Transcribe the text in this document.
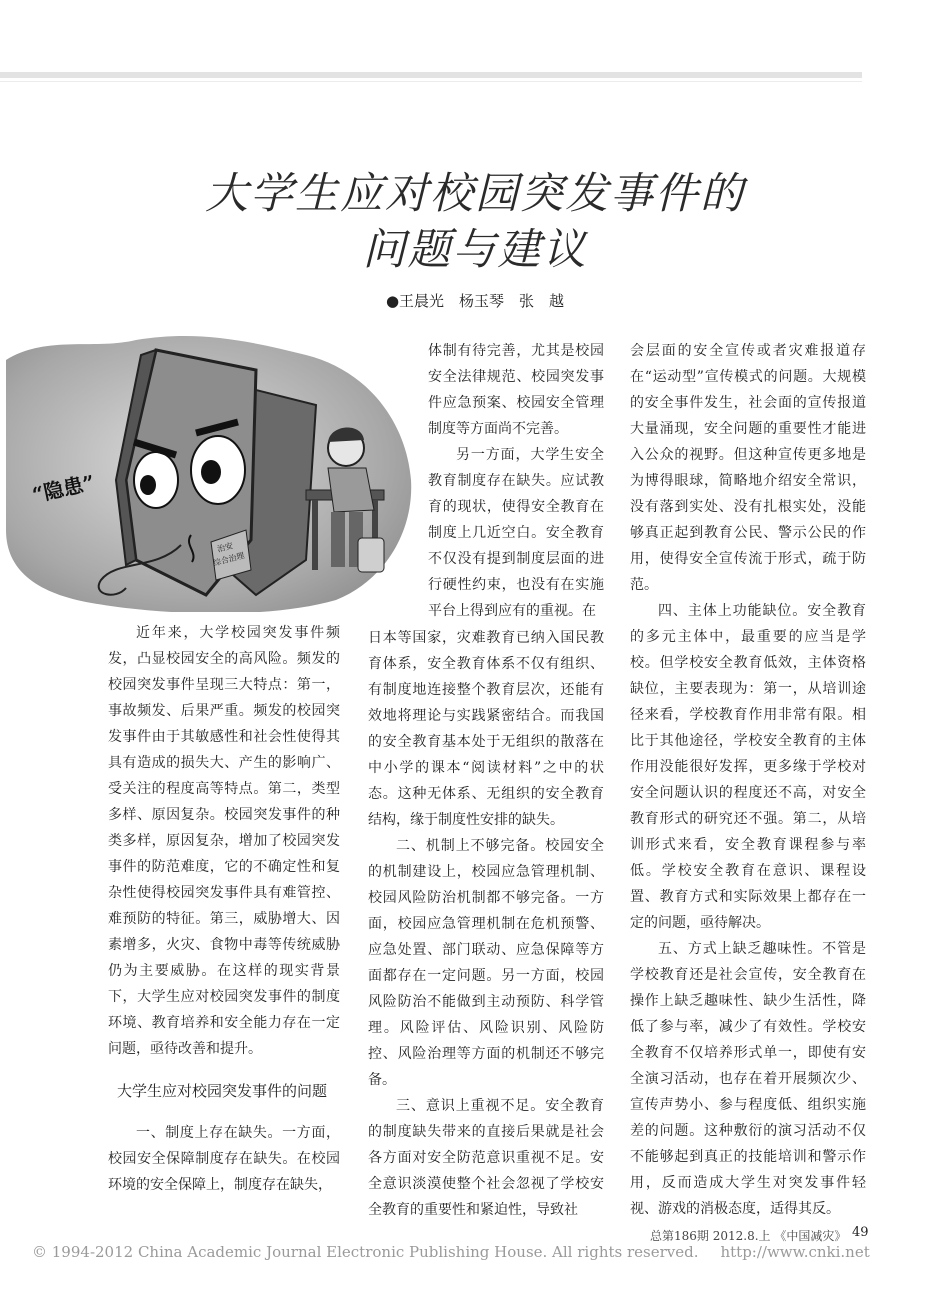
大学生应对校园突发事件的
问题与建议
●王晨光　杨玉琴　张　越
治安
综合治理
“隐患”

体制有待完善，尤其是校园安全法律规范、校园突发事件应急预案、校园安全管理制度等方面尚不完善。

另一方面，大学生安全教育制度存在缺失。应试教育的现状，使得安全教育在制度上几近空白。安全教育不仅没有提到制度层面的进行硬性约束，也没有在实施平台上得到应有的重视。在

近年来，大学校园突发事件频发，凸显校园安全的高风险。频发的校园突发事件呈现三大特点：第一，事故频发、后果严重。频发的校园突发事件由于其敏感性和社会性使得其具有造成的损失大、产生的影响广、受关注的程度高等特点。第二，类型多样、原因复杂。校园突发事件的种类多样，原因复杂，增加了校园突发事件的防范难度，它的不确定性和复杂性使得校园突发事件具有难管控、难预防的特征。第三，威胁增大、因素增多，火灾、食物中毒等传统威胁仍为主要威胁。在这样的现实背景下，大学生应对校园突发事件的制度环境、教育培养和安全能力存在一定问题，亟待改善和提升。

大学生应对校园突发事件的问题

一、制度上存在缺失。一方面，校园安全保障制度存在缺失。在校园环境的安全保障上，制度存在缺失，

日本等国家，灾难教育已纳入国民教育体系，安全教育体系不仅有组织、有制度地连接整个教育层次，还能有效地将理论与实践紧密结合。而我国的安全教育基本处于无组织的散落在中小学的课本“阅读材料”之中的状态。这种无体系、无组织的安全教育结构，缘于制度性安排的缺失。

二、机制上不够完备。校园安全的机制建设上，校园应急管理机制、校园风险防治机制都不够完备。一方面，校园应急管理机制在危机预警、应急处置、部门联动、应急保障等方面都存在一定问题。另一方面，校园风险防治不能做到主动预防、科学管理。风险评估、风险识别、风险防控、风险治理等方面的机制还不够完备。

三、意识上重视不足。安全教育的制度缺失带来的直接后果就是社会各方面对安全防范意识重视不足。安全意识淡漠使整个社会忽视了学校安全教育的重要性和紧迫性，导致社

会层面的安全宣传或者灾难报道存在“运动型”宣传模式的问题。大规模的安全事件发生，社会面的宣传报道大量涌现，安全问题的重要性才能进入公众的视野。但这种宣传更多地是为博得眼球，简略地介绍安全常识，没有落到实处、没有扎根实处，没能够真正起到教育公民、警示公民的作用，使得安全宣传流于形式，疏于防范。

四、主体上功能缺位。安全教育的多元主体中，最重要的应当是学校。但学校安全教育低效，主体资格缺位，主要表现为：第一，从培训途径来看，学校教育作用非常有限。相比于其他途径，学校安全教育的主体作用没能很好发挥，更多缘于学校对安全问题认识的程度还不高，对安全教育形式的研究还不强。第二，从培训形式来看，安全教育课程参与率低。学校安全教育在意识、课程设置、教育方式和实际效果上都存在一定的问题，亟待解决。

五、方式上缺乏趣味性。不管是学校教育还是社会宣传，安全教育在操作上缺乏趣味性、缺少生活性，降低了参与率，减少了有效性。学校安全教育不仅培养形式单一，即使有安全演习活动，也存在着开展频次少、宣传声势小、参与程度低、组织实施差的问题。这种敷衍的演习活动不仅不能够起到真正的技能培训和警示作用，反而造成大学生对突发事件轻视、游戏的消极态度，适得其反。

总第186期 2012.8.上 《中国减灾》 49
© 1994-2012 China Academic Journal Electronic Publishing House. All rights reserved. http://www.cnki.net
